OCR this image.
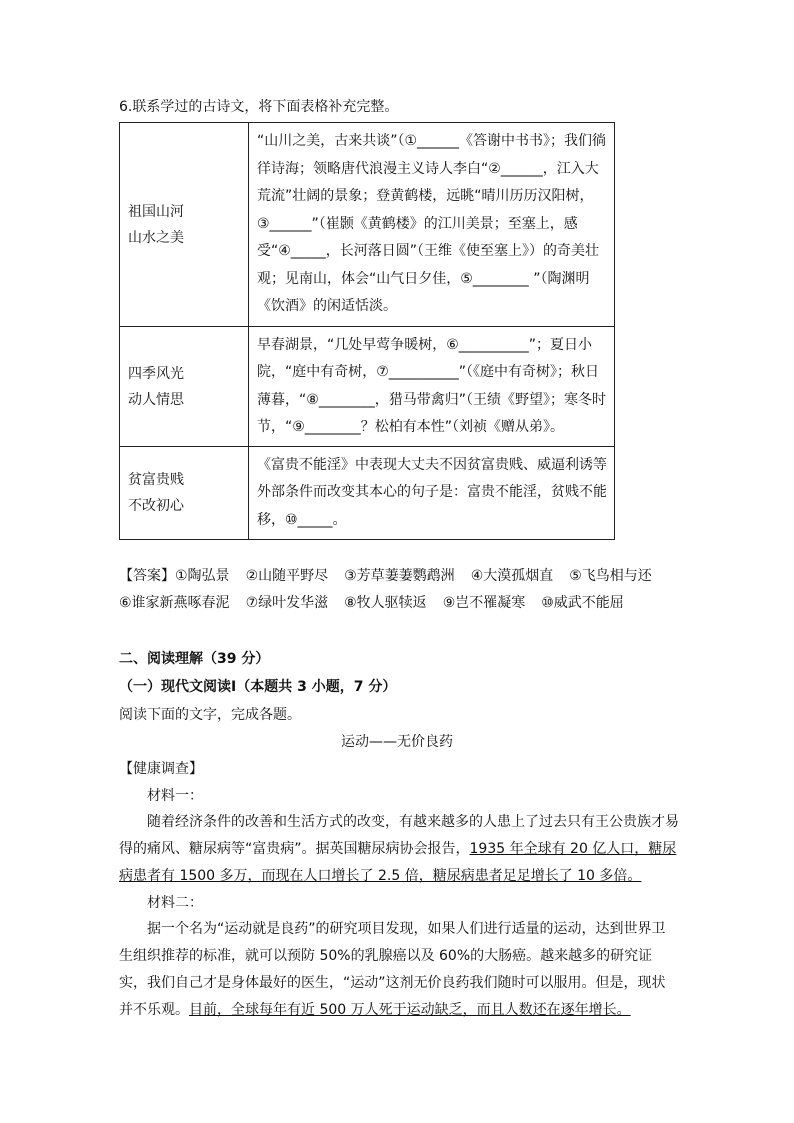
6.联系学过的古诗文，将下面表格补充完整。
祖国山河
山水之美	“山川之美，古来共谈”（①______《答谢中书书》；我们徜徉诗海；领略唐代浪漫主义诗人李白“②______，江入大荒流”壮阔的景象；登黄鹤楼，远眺“晴川历历汉阳树，③______”（崔颢《黄鹤楼》的江川美景；至塞上，感受“④_____，长河落日圆”（王维《使至塞上》）的奇美壮观；见南山，体会“山气日夕佳，⑤________ ”（陶渊明《饮酒》的闲适恬淡。

四季风光
动人情思	早春湖景，“几处早莺争暖树，⑥__________”；夏日小院，“庭中有奇树，⑦__________”（《庭中有奇树》；秋日薄暮，“⑧________，猎马带禽归”（王绩《野望》；寒冬时节，“⑨________？松柏有本性”（刘祯《赠从弟》。

贫富贵贱
不改初心	《富贵不能淫》中表现大丈夫不因贫富贵贱、威逼利诱等外部条件而改变其本心的句子是：富贵不能淫，贫贱不能移，⑩_____。
【答案】①陶弘景 ②山随平野尽 ③芳草萋萋鹦鹉洲 ④大漠孤烟直 ⑤飞鸟相与还⑥谁家新燕啄春泥 ⑦绿叶发华滋 ⑧牧人驱犊返 ⑨岂不罹凝寒 ⑩威武不能屈
二、阅读理解（39 分）
（一）现代文阅读Ⅰ（本题共 3 小题，7 分）
阅读下面的文字，完成各题。
运动——无价良药
【健康调查】
材料一：
随着经济条件的改善和生活方式的改变，有越来越多的人患上了过去只有王公贵族才易得的痛风、糖尿病等“富贵病”。据英国糖尿病协会报告，1935 年全球有 20 亿人口，糖尿病患者有 1500 多万，而现在人口增长了 2.5 倍，糖尿病患者足足增长了 10 多倍。
材料二：
据一个名为“运动就是良药”的研究项目发现，如果人们进行适量的运动，达到世界卫生组织推荐的标准，就可以预防 50%的乳腺癌以及 60%的大肠癌。越来越多的研究证实，我们自己才是身体最好的医生，“运动”这剂无价良药我们随时可以服用。但是，现状并不乐观。目前，全球每年有近 500 万人死于运动缺乏，而且人数还在逐年增长。
